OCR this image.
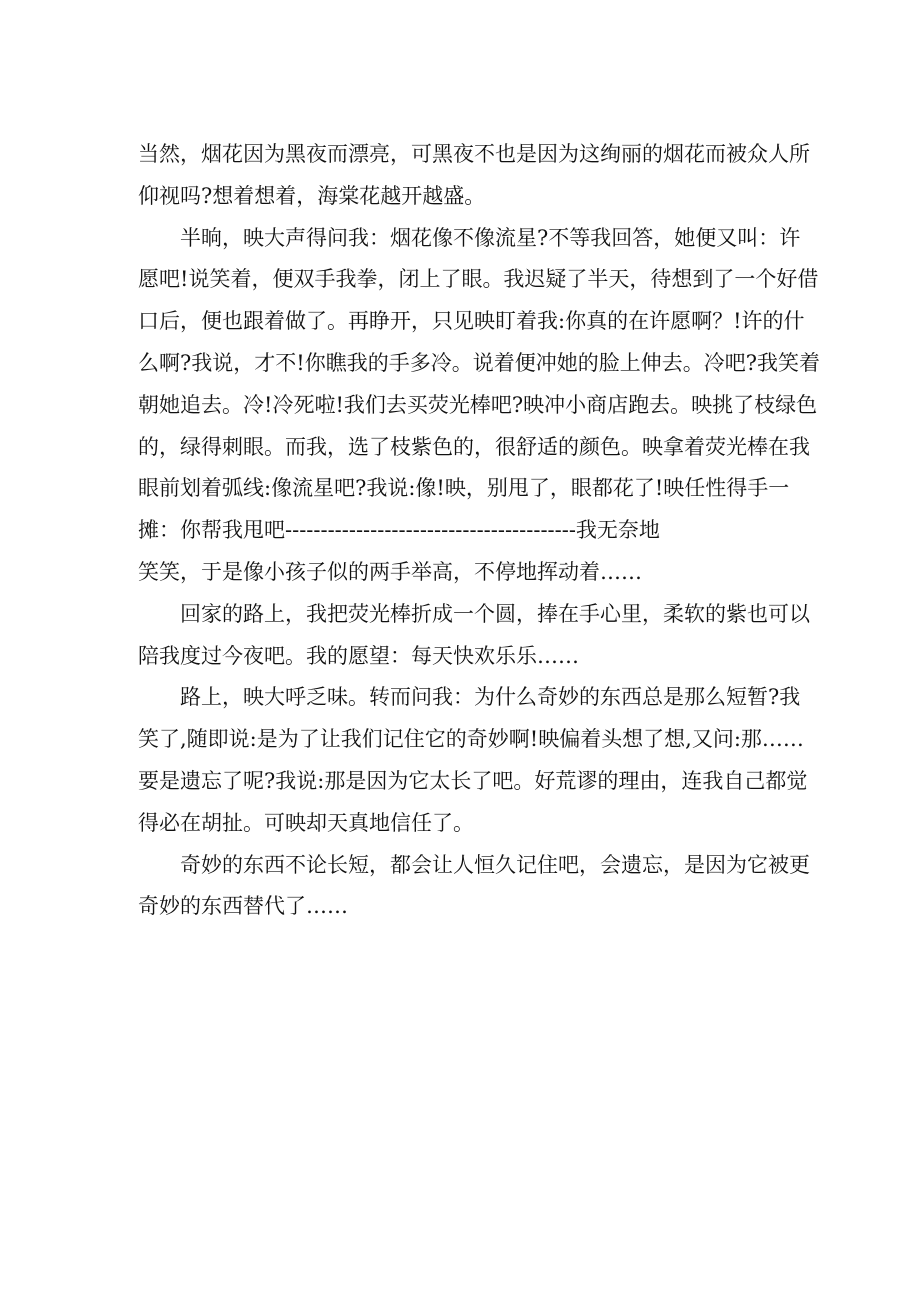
当然，烟花因为黑夜而漂亮，可黑夜不也是因为这绚丽的烟花而被众人所
仰视吗?想着想着，海棠花越开越盛。

半晌，映大声得问我：烟花像不像流星?不等我回答，她便又叫：许
愿吧!说笑着，便双手我拳，闭上了眼。我迟疑了半天，待想到了一个好借
口后，便也跟着做了。再睁开，只见映盯着我:你真的在许愿啊？!许的什
么啊?我说，才不!你瞧我的手多冷。说着便冲她的脸上伸去。冷吧?我笑着
朝她追去。冷!冷死啦!我们去买荧光棒吧?映冲小商店跑去。映挑了枝绿色
的，绿得刺眼。而我，选了枝紫色的，很舒适的颜色。映拿着荧光棒在我
眼前划着弧线:像流星吧?我说:像!映，别甩了，眼都花了!映任性得手一
摊：你帮我甩吧-----------------------------------------我无奈地
笑笑，于是像小孩子似的两手举高，不停地挥动着……

回家的路上，我把荧光棒折成一个圆，捧在手心里，柔软的紫也可以
陪我度过今夜吧。我的愿望：每天快欢乐乐……

路上，映大呼乏味。转而问我：为什么奇妙的东西总是那么短暂?我
笑了,随即说:是为了让我们记住它的奇妙啊!映偏着头想了想,又问:那……
要是遗忘了呢?我说:那是因为它太长了吧。好荒谬的理由，连我自己都觉
得必在胡扯。可映却天真地信任了。

奇妙的东西不论长短，都会让人恒久记住吧，会遗忘，是因为它被更
奇妙的东西替代了……
